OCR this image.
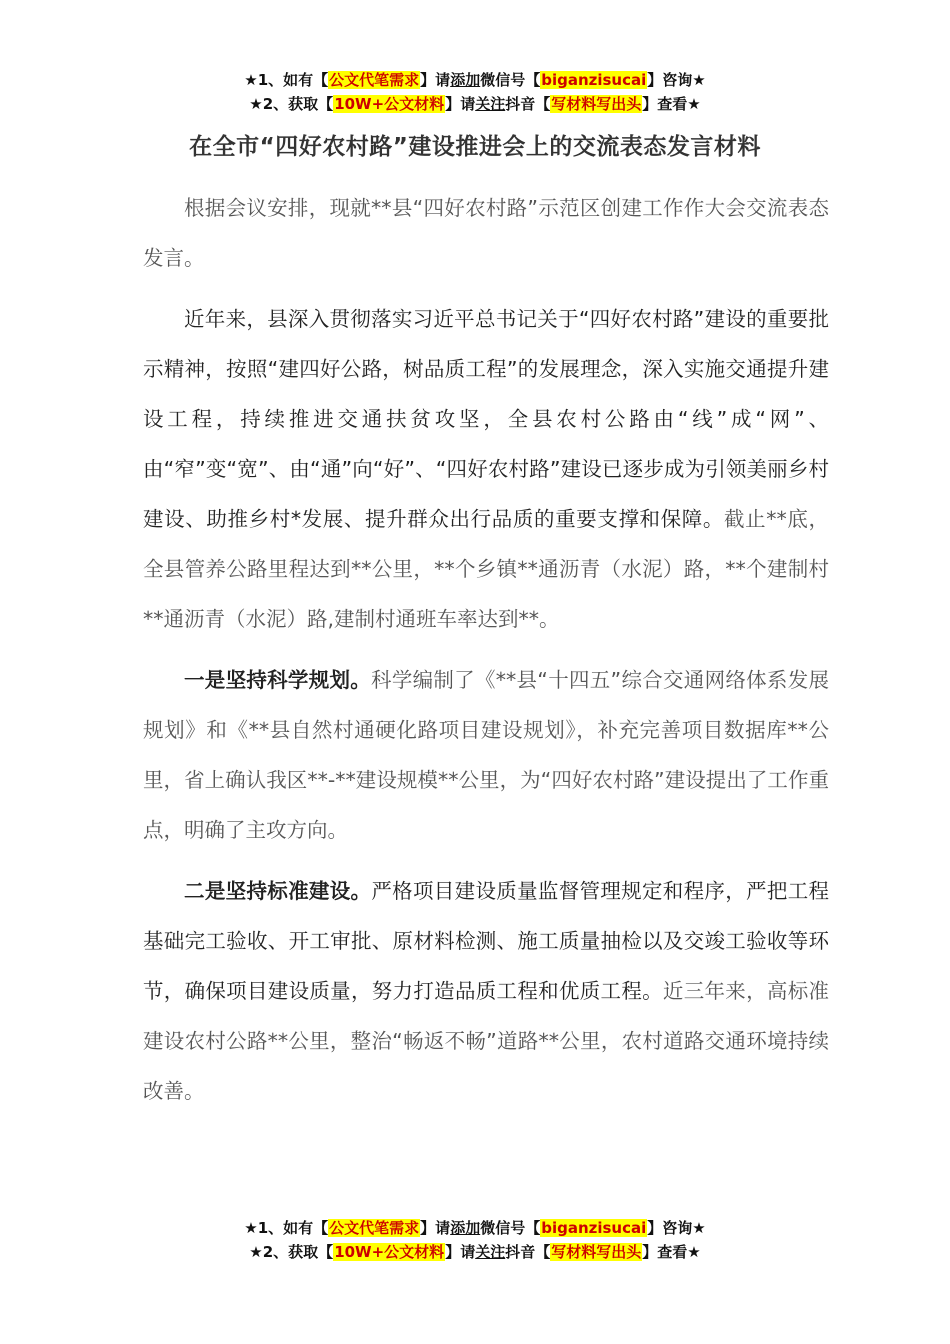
★1、如有【公文代笔需求】请添加微信号【biganzisucai】咨询★
★2、获取【10W+公文材料】请关注抖音【写材料写出头】查看★
在全市“四好农村路”建设推进会上的交流表态发言材料

根据会议安排，现就**县“四好农村路”示范区创建工作作大会交流表态发言。

近年来，县深入贯彻落实习近平总书记关于“四好农村路”建设的重要批示精神，按照“建四好公路，树品质工程”的发展理念，深入实施交通提升建设工程，持续推进交通扶贫攻坚，全县农村公路由“线”成“网”、由“窄”变“宽”、由“通”向“好”、“四好农村路”建设已逐步成为引领美丽乡村建设、助推乡村*发展、提升群众出行品质的重要支撑和保障。截止**底，全县管养公路里程达到**公里，**个乡镇**通沥青（水泥）路，**个建制村**通沥青（水泥）路,建制村通班车率达到**。

一是坚持科学规划。科学编制了《**县“十四五”综合交通网络体系发展规划》和《**县自然村通硬化路项目建设规划》，补充完善项目数据库**公里，省上确认我区**-**建设规模**公里，为“四好农村路”建设提出了工作重点，明确了主攻方向。

二是坚持标准建设。严格项目建设质量监督管理规定和程序，严把工程基础完工验收、开工审批、原材料检测、施工质量抽检以及交竣工验收等环节，确保项目建设质量，努力打造品质工程和优质工程。近三年来，高标准建设农村公路**公里，整治“畅返不畅”道路**公里，农村道路交通环境持续改善。

★1、如有【公文代笔需求】请添加微信号【biganzisucai】咨询★
★2、获取【10W+公文材料】请关注抖音【写材料写出头】查看★
